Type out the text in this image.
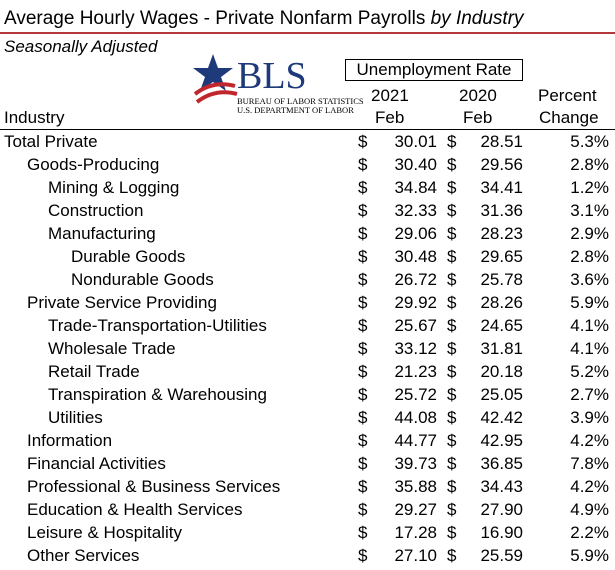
Average Hourly Wages - Private Nonfarm Payrolls by Industry
Seasonally Adjusted
BLS
BUREAU OF LABOR STATISTICS
U.S. DEPARTMENT OF LABOR
Unemployment Rate
Industry
2021
Feb
2020
Feb
Percent
Change
Total Private	$ 30.01 $ 28.51	5.3%
Goods-Producing	$ 30.40 $ 29.56	2.8%
Mining & Logging	$ 34.84 $ 34.41	1.2%
Construction	$ 32.33 $ 31.36	3.1%
Manufacturing	$ 29.06 $ 28.23	2.9%
Durable Goods	$ 30.48 $ 29.65	2.8%
Nondurable Goods	$ 26.72 $ 25.78	3.6%
Private Service Providing	$ 29.92 $ 28.26	5.9%
Trade-Transportation-Utilities	$ 25.67 $ 24.65	4.1%
Wholesale Trade	$ 33.12 $ 31.81	4.1%
Retail Trade	$ 21.23 $ 20.18	5.2%
Transpiration & Warehousing	$ 25.72 $ 25.05	2.7%
Utilities	$ 44.08 $ 42.42	3.9%
Information	$ 44.77 $ 42.95	4.2%
Financial Activities	$ 39.73 $ 36.85	7.8%
Professional & Business Services	$ 35.88 $ 34.43	4.2%
Education & Health Services	$ 29.27 $ 27.90	4.9%
Leisure & Hospitality	$ 17.28 $ 16.90	2.2%
Other Services	$ 27.10 $ 25.59	5.9%
